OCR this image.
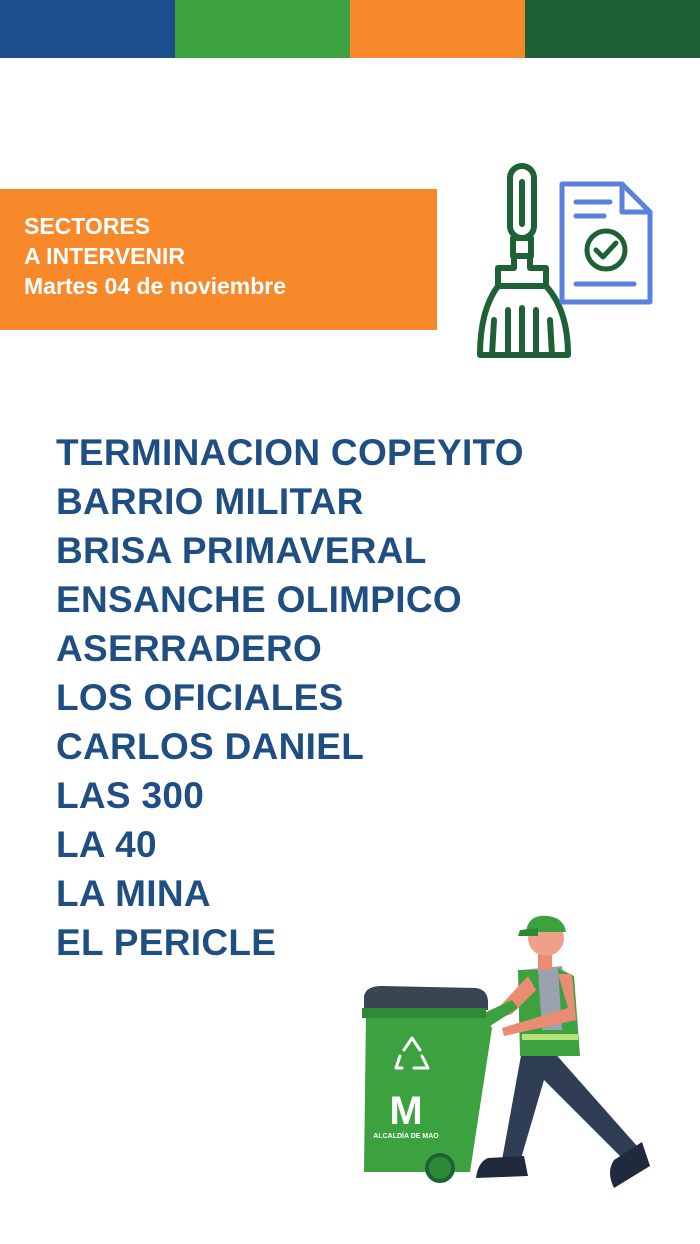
SECTORES
A INTERVENIR
Martes 04 de noviembre
TERMINACION COPEYITO
BARRIO MILITAR
BRISA PRIMAVERAL
ENSANCHE OLIMPICO
ASERRADERO
LOS OFICIALES
CARLOS DANIEL
LAS 300
LA 40
LA MINA
EL PERICLE
M
ALCALDÍA DE MAO
